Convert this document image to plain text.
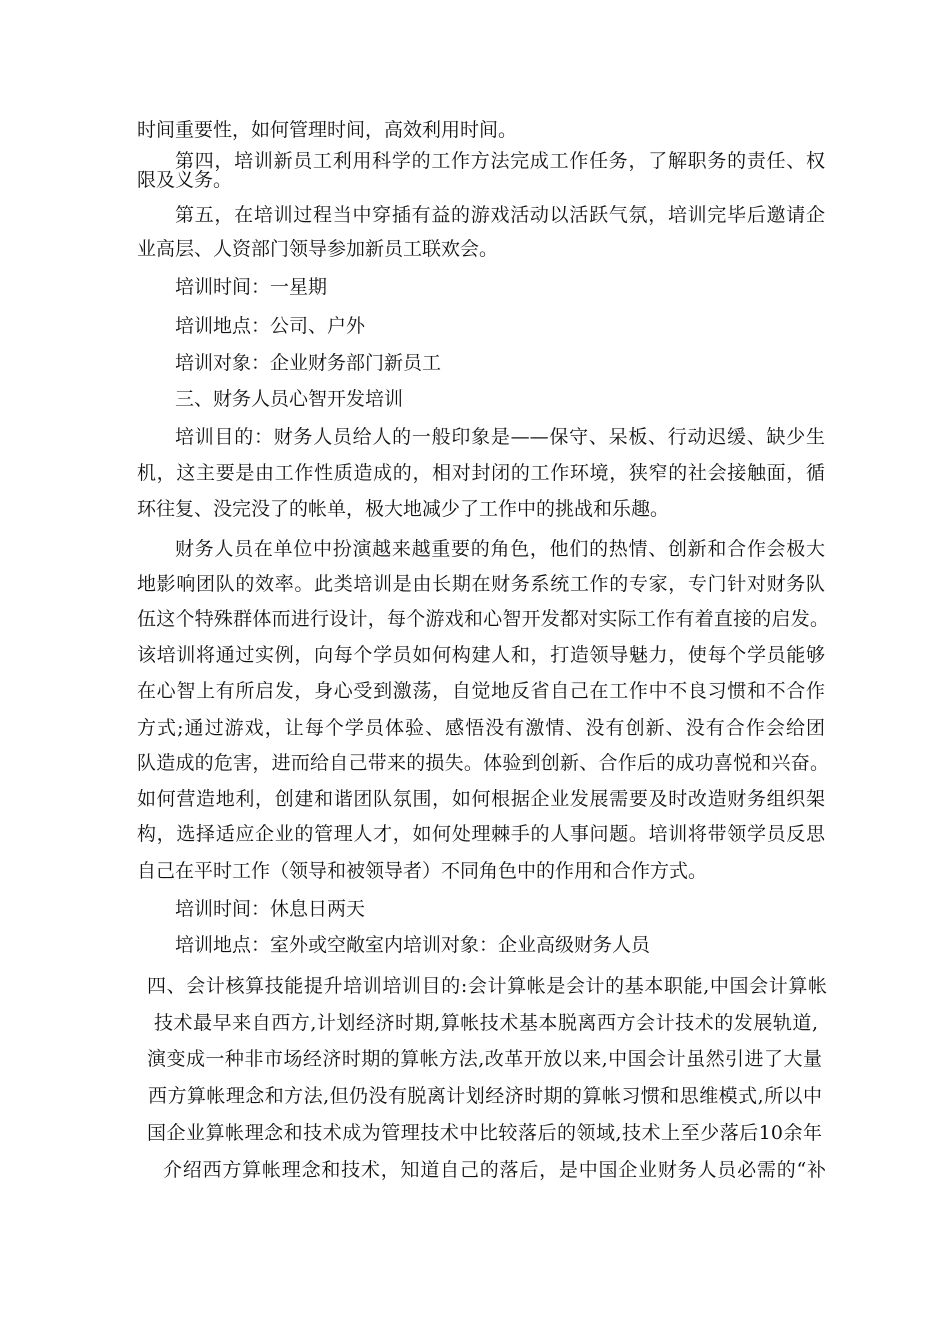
时间重要性，如何管理时间，高效利用时间。

第四，培训新员工利用科学的工作方法完成工作任务，了解职务的责任、权

限及义务。

第五，在培训过程当中穿插有益的游戏活动以活跃气氛，培训完毕后邀请企

业高层、人资部门领导参加新员工联欢会。

培训时间：一星期

培训地点：公司、户外

培训对象：企业财务部门新员工

三、财务人员心智开发培训

培训目的：财务人员给人的一般印象是——保守、呆板、行动迟缓、缺少生

机，这主要是由工作性质造成的，相对封闭的工作环境，狭窄的社会接触面，循

环往复、没完没了的帐单，极大地减少了工作中的挑战和乐趣。

财务人员在单位中扮演越来越重要的角色，他们的热情、创新和合作会极大

地影响团队的效率。此类培训是由长期在财务系统工作的专家，专门针对财务队

伍这个特殊群体而进行设计，每个游戏和心智开发都对实际工作有着直接的启发。

该培训将通过实例，向每个学员如何构建人和，打造领导魅力，使每个学员能够

在心智上有所启发，身心受到激荡，自觉地反省自己在工作中不良习惯和不合作

方式;通过游戏，让每个学员体验、感悟没有激情、没有创新、没有合作会给团

队造成的危害，进而给自己带来的损失。体验到创新、合作后的成功喜悦和兴奋。

如何营造地利，创建和谐团队氛围，如何根据企业发展需要及时改造财务组织架

构，选择适应企业的管理人才，如何处理棘手的人事问题。培训将带领学员反思

自己在平时工作（领导和被领导者）不同角色中的作用和合作方式。

培训时间：休息日两天

培训地点：室外或空敞室内培训对象：企业高级财务人员

四、会计核算技能提升培训培训目的:会计算帐是会计的基本职能,中国会计算帐

技术最早来自西方,计划经济时期,算帐技术基本脱离西方会计技术的发展轨道,

演变成一种非市场经济时期的算帐方法,改革开放以来,中国会计虽然引进了大量

西方算帐理念和方法,但仍没有脱离计划经济时期的算帐习惯和思维模式,所以中

国企业算帐理念和技术成为管理技术中比较落后的领域,技术上至少落后10余年

介绍西方算帐理念和技术，知道自己的落后，是中国企业财务人员必需的“补
